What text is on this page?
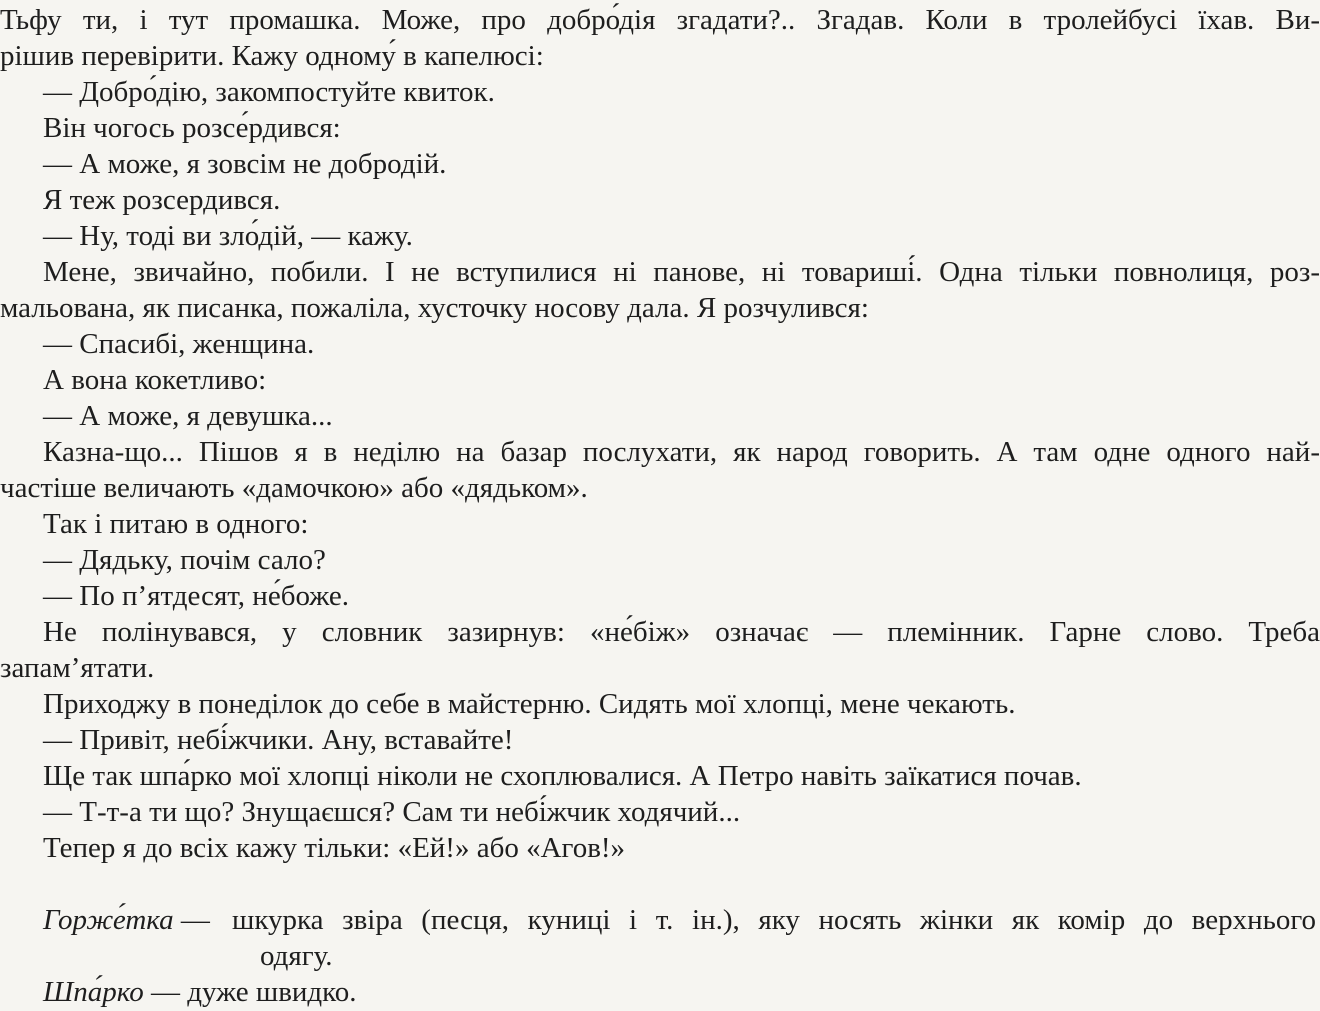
Тьфу ти, і тут промашка. Може, про добро́дія згадати?.. Згадав. Коли в тролейбусі їхав. Ви-
рішив перевірити. Кажу одному́ в капелюсі:
— Добро́дію, закомпостуйте квиток.
Він чогось розсе́рдився:
— А може, я зовсім не добродій.
Я теж розсердився.
— Ну, тоді ви зло́дій, — кажу.
Мене, звичайно, побили. І не вступилися ні панове, ні товариші́. Одна тільки повнолиця, роз-
мальована, як писанка, пожаліла, хусточку носову дала. Я розчулився:
— Спасибі, женщина.
А вона кокетливо:
— А може, я девушка...
Казна-що... Пішов я в неділю на базар послухати, як народ говорить. А там одне одного най-
частіше величають «дамочкою» або «дядьком».
Так і питаю в одного:
— Дядьку, почім сало?
— По п’ятдесят, не́боже.
Не полінувався, у словник зазирнув: «не́біж» означає — племінник. Гарне слово. Треба
запам’ятати.
Приходжу в понеділок до себе в майстерню. Сидять мої хлопці, мене чекають.
— Привіт, небі́жчики. Ану, вставайте!
Ще так шпа́рко мої хлопці ніколи не схоплювалися. А Петро навіть заїкатися почав.
— Т-т-а ти що? Знущаєшся? Сам ти небі́жчик ходячий...
Тепер я до всіх кажу тільки: «Ей!» або «Агов!»
Горже́тка — шкурка звіра (песця, куниці і т. ін.), яку носять жінки як комір до верхнього
одягу.
Шпа́рко — дуже швидко.
